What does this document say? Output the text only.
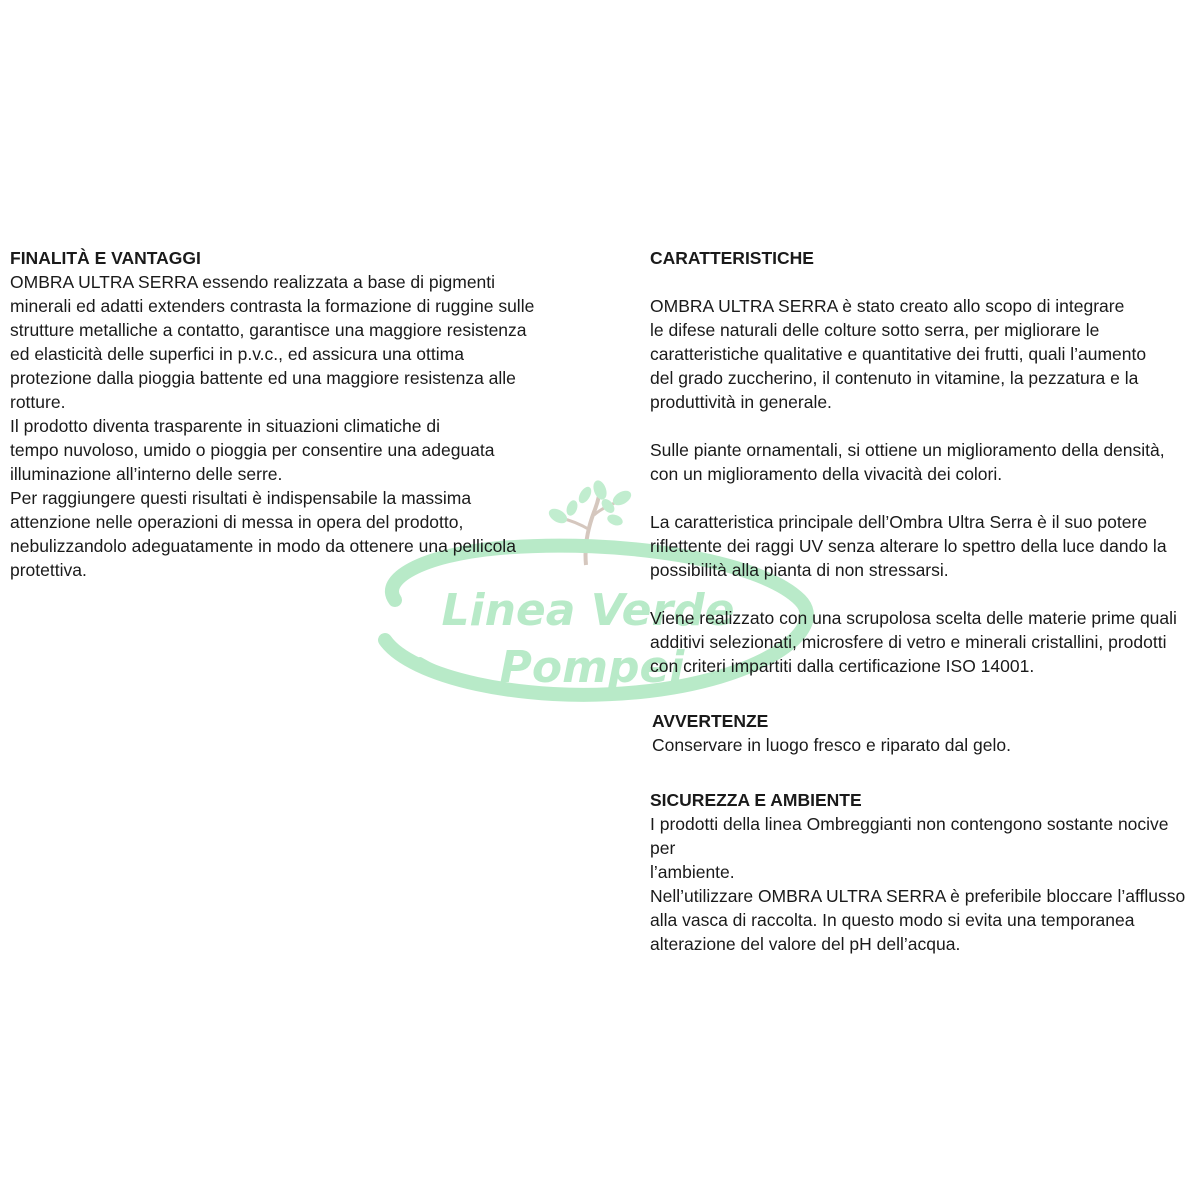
Linea Verde
Pompei
FINALITÀ E VANTAGGI

OMBRA ULTRA SERRA essendo realizzata a base di pigmenti
minerali ed adatti extenders contrasta la formazione di ruggine sulle
strutture metalliche a contatto, garantisce una maggiore resistenza
ed elasticità delle superfici in p.v.c., ed assicura una ottima
protezione dalla pioggia battente ed una maggiore resistenza alle
rotture.

Il prodotto diventa trasparente in situazioni climatiche di
tempo nuvoloso, umido o pioggia per consentire una adeguata
illuminazione all’interno delle serre.

Per raggiungere questi risultati è indispensabile la massima
attenzione nelle operazioni di messa in opera del prodotto,
nebulizzandolo adeguatamente in modo da ottenere una pellicola
protettiva.

CARATTERISTICHE

OMBRA ULTRA SERRA è stato creato allo scopo di integrare
le difese naturali delle colture sotto serra, per migliorare le
caratteristiche qualitative e quantitative dei frutti, quali l’aumento
del grado zuccherino, il contenuto in vitamine, la pezzatura e la
produttività in generale.

Sulle piante ornamentali, si ottiene un miglioramento della densità,
con un miglioramento della vivacità dei colori.

La caratteristica principale dell’Ombra Ultra Serra è il suo potere
riflettente dei raggi UV senza alterare lo spettro della luce dando la
possibilità alla pianta di non stressarsi.

Viene realizzato con una scrupolosa scelta delle materie prime quali
additivi selezionati, microsfere di vetro e minerali cristallini, prodotti
con criteri impartiti dalla certificazione ISO 14001.

AVVERTENZE

Conservare in luogo fresco e riparato dal gelo.

SICUREZZA E AMBIENTE

I prodotti della linea Ombreggianti non contengono sostante nocive per
l’ambiente.

Nell’utilizzare OMBRA ULTRA SERRA è preferibile bloccare l’afflusso
alla vasca di raccolta. In questo modo si evita una temporanea
alterazione del valore del pH dell’acqua.
